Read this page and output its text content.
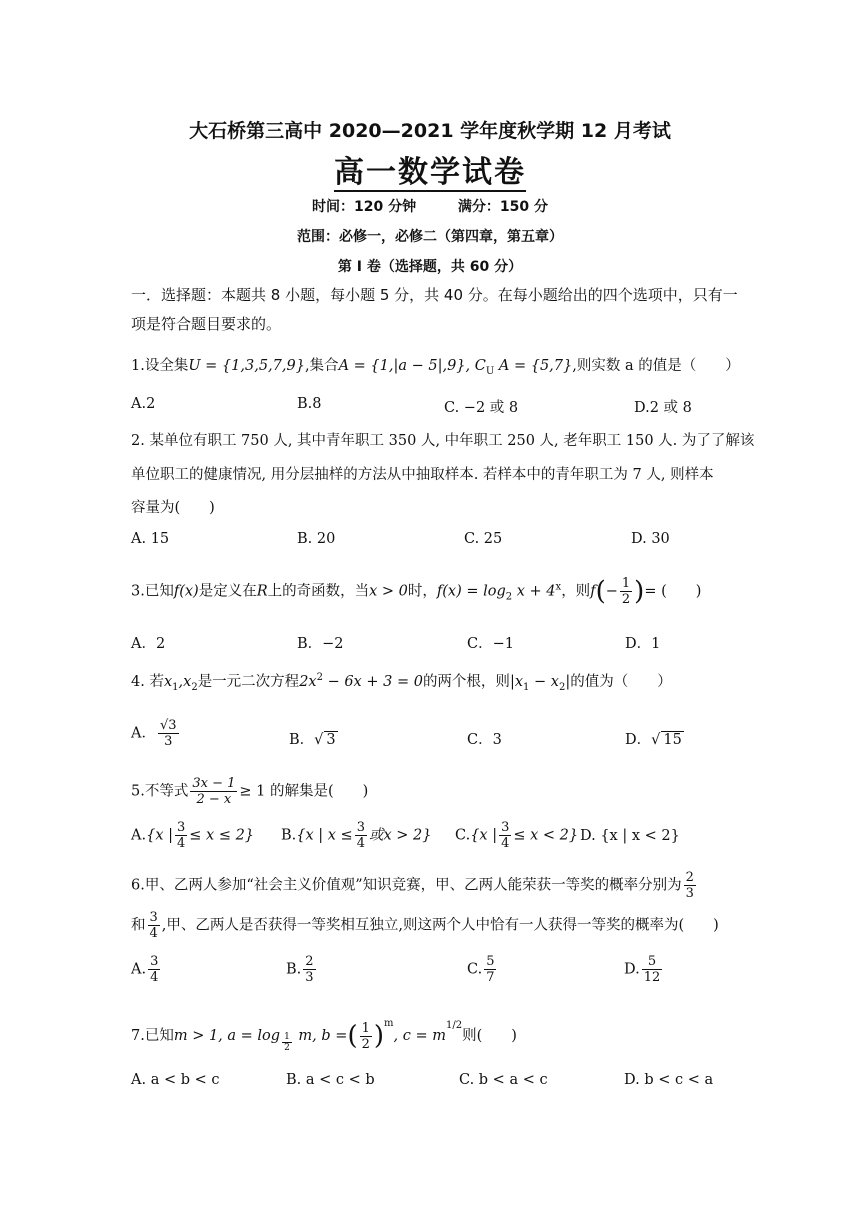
大石桥第三高中 2020—2021 学年度秋学期 12 月考试
高一数学试卷
时间：120 分钟	满分：150 分
范围：必修一，必修二（第四章，第五章）
第 I 卷（选择题，共 60 分）
一．选择题：本题共 8 小题，每小题 5 分，共 40 分。在每小题给出的四个选项中，只有一
项是符合题目要求的。
1.设全集U = {1,3,5,7,9},集合A = {1,|a − 5|,9}, $C_U$ A = {5,7},则实数 a 的值是（　　）
A.2	B.8	C. −2 或 8	D.2 或 8
2. 某单位有职工 750 人, 其中青年职工 350 人, 中年职工 250 人, 老年职工 150 人. 为了了解该
单位职工的健康情况, 用分层抽样的方法从中抽取样本. 若样本中的青年职工为 7 人, 则样本
容量为(　　)
A. 15	B. 20	C. 25	D. 30
3.已知f(x)是定义在R上的奇函数，当x > 0时，$f(x) = \log_2 x + 4^x$，则$f(- \frac{1}{2}$ )= (　　)
A．2	B．−2	C．−1	D．1
4. 若$x_1,x_2$是一元二次方程$2x^2 - 6x + 3 = 0$的两个根，则$|x_1 - x_2|$的值为（　　）
A． $\frac{√3}{3}$	B．√ 3	C．3	D．√ 15
5.不等式 $\frac{3x - 1}{2 - x} \ge 1$ 的解集是(　　)
A.{x | $\frac{3}{4} \le x \le 2$} B.{x | $x \le \frac{3}{4}$ 或x > 2} C.{x | $\frac{3}{4} \le x < 2$} D. {x | x < 2}
6.甲、乙两人参加“社会主义价值观”知识竞赛，甲、乙两人能荣获一等奖的概率分别为 $\frac{2}{3}$
和 $\frac{3}{4}$ ,甲、乙两人是否获得一等奖相互独立,则这两个人中恰有一人获得一等奖的概率为(　　)
A. $\frac{3}{4}$	B. $\frac{2}{3}$	C. $\frac{5}{7}$	D. $\frac{5}{12}$
7.已知m > 1, $a = \log \frac{1}{2} m$, b =( $\frac{1}{2} )^m$, $c = m^{1/2}$则(　　)
A. a < b < c	B. a < c < b	C. b < a < c	D. b < c < a
